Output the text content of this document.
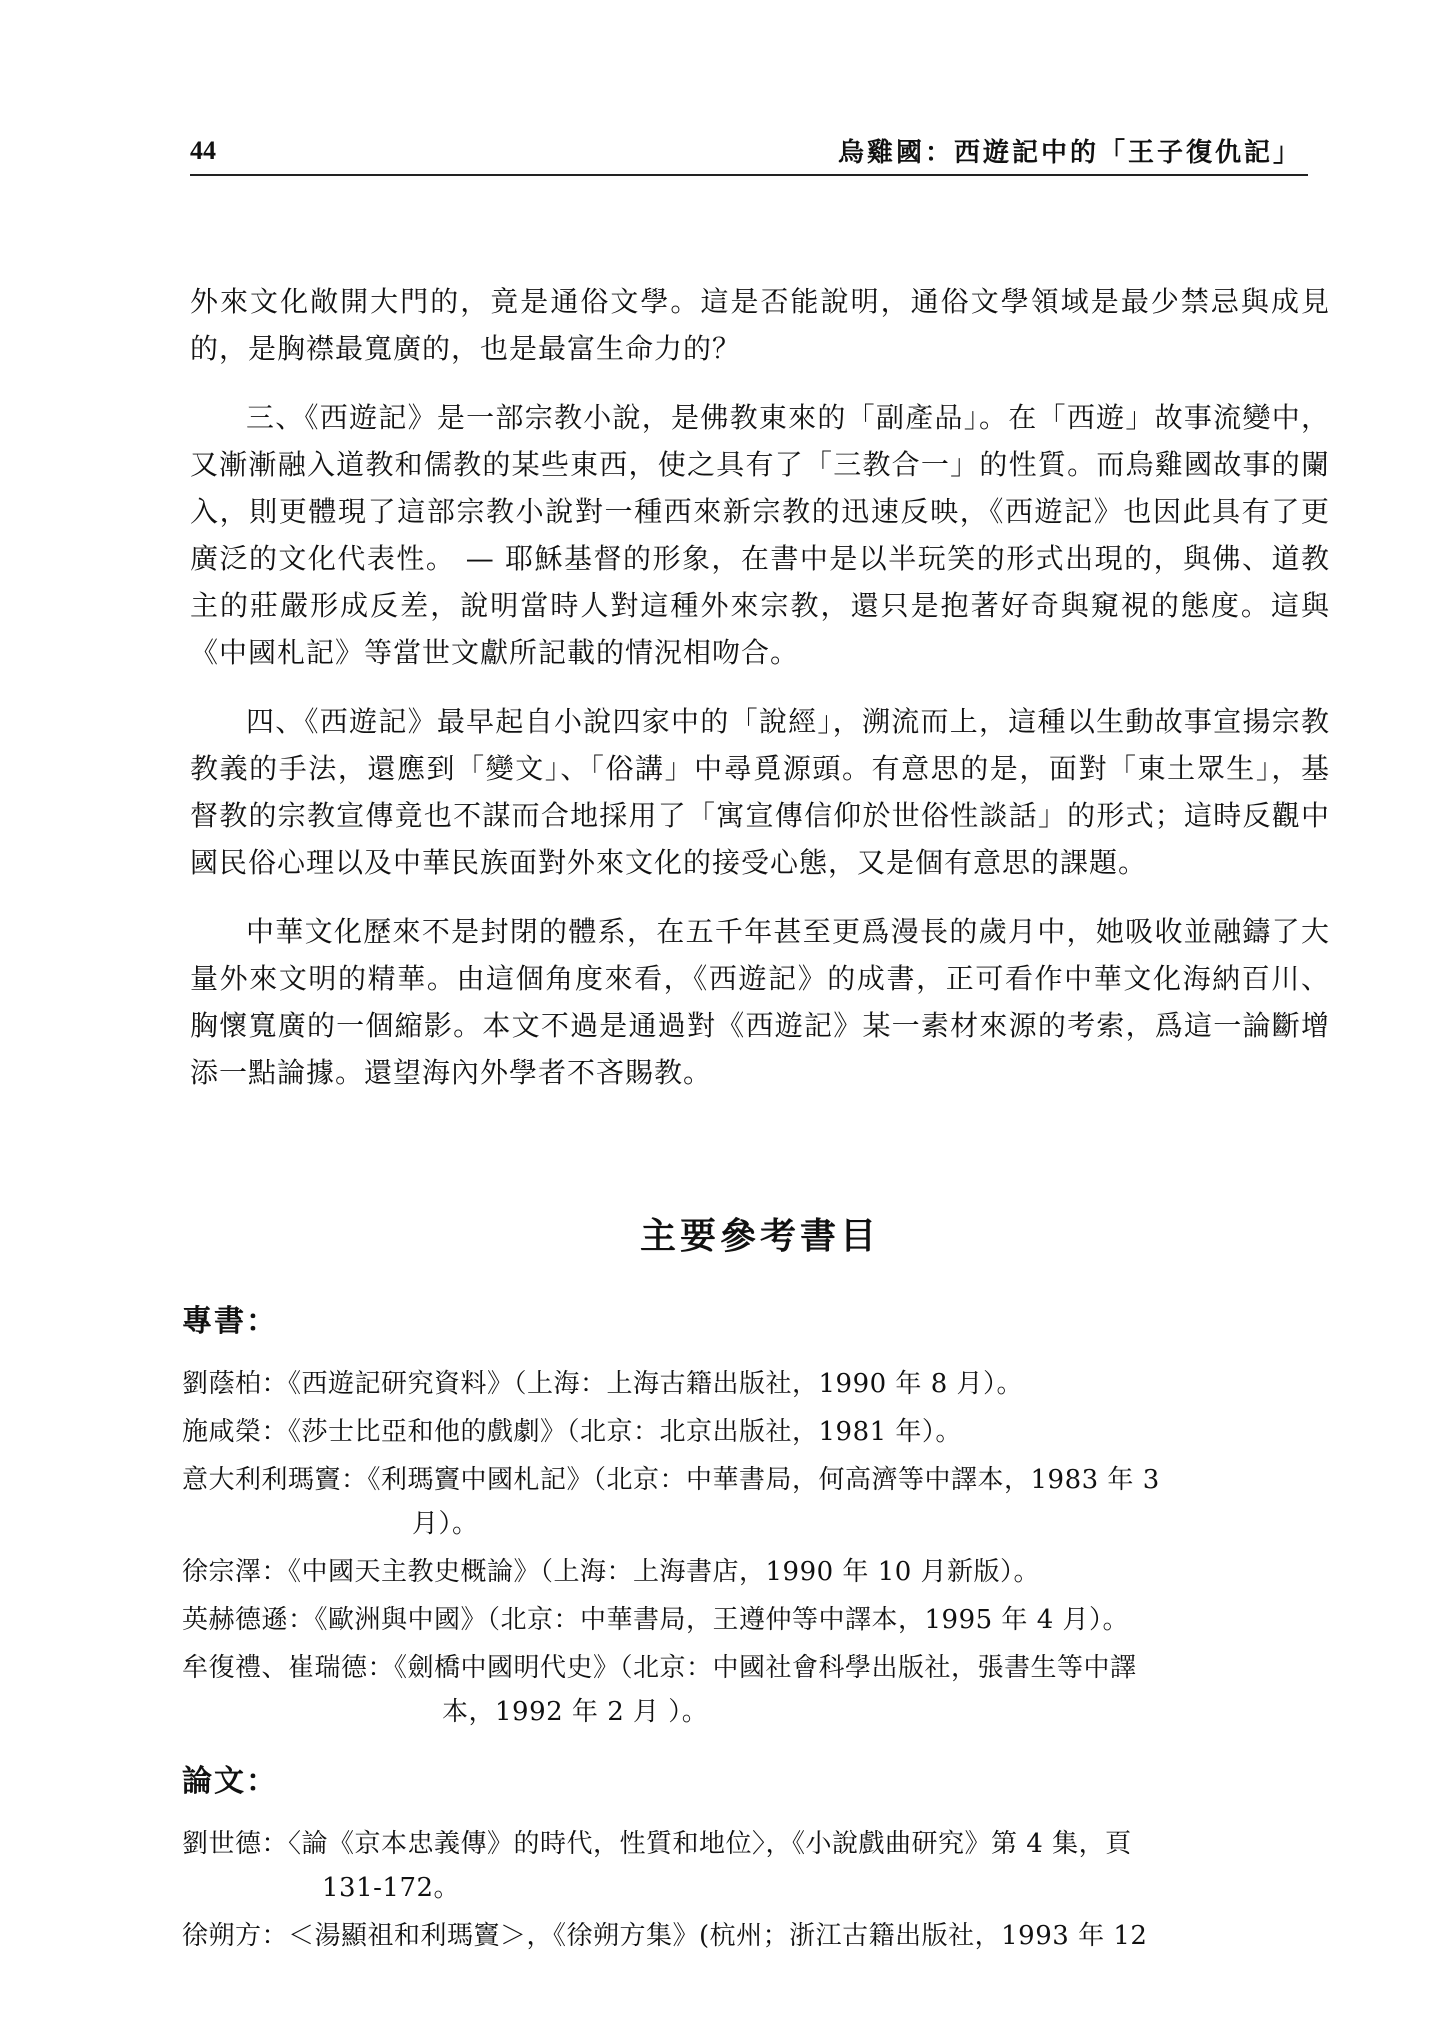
44	烏雞國：西遊記中的「王子復仇記」

外來文化敞開大門的，竟是通俗文學。這是否能說明，通俗文學領域是最少禁忌與成見的，是胸襟最寬廣的，也是最富生命力的？

三、《西遊記》是一部宗教小說，是佛教東來的「副產品」。在「西遊」故事流變中，又漸漸融入道教和儒教的某些東西，使之具有了「三教合一」的性質。而烏雞國故事的闌入，則更體現了這部宗教小說對一種西來新宗教的迅速反映，《西遊記》也因此具有了更廣泛的文化代表性。 — 耶穌基督的形象，在書中是以半玩笑的形式出現的，與佛、道教主的莊嚴形成反差，說明當時人對這種外來宗教，還只是抱著好奇與窺視的態度。這與《中國札記》等當世文獻所記載的情況相吻合。

四、《西遊記》最早起自小說四家中的「說經」，溯流而上，這種以生動故事宣揚宗教教義的手法，還應到「變文」、「俗講」中尋覓源頭。有意思的是，面對「東土眾生」，基督教的宗教宣傳竟也不謀而合地採用了「寓宣傳信仰於世俗性談話」的形式；這時反觀中國民俗心理以及中華民族面對外來文化的接受心態，又是個有意思的課題。

中華文化歷來不是封閉的體系，在五千年甚至更爲漫長的歲月中，她吸收並融鑄了大量外來文明的精華。由這個角度來看，《西遊記》的成書，正可看作中華文化海納百川、胸懷寬廣的一個縮影。本文不過是通過對《西遊記》某一素材來源的考索，爲這一論斷增添一點論據。還望海內外學者不吝賜教。

主要參考書目
專書：
劉蔭柏：《西遊記研究資料》（上海：上海古籍出版社，1990 年 8 月）。
施咸榮：《莎士比亞和他的戲劇》（北京：北京出版社，1981 年）。
意大利利瑪竇：《利瑪竇中國札記》（北京：中華書局，何高濟等中譯本，1983 年 3
月）。
徐宗澤：《中國天主教史概論》（上海：上海書店，1990 年 10 月新版）。
英赫德遜：《歐洲與中國》（北京：中華書局，王遵仲等中譯本，1995 年 4 月）。
牟復禮、崔瑞德：《劍橋中國明代史》（北京：中國社會科學出版社，張書生等中譯
本，1992 年 2 月 ）。
論文：
劉世德：〈論《京本忠義傳》的時代，性質和地位〉，《小說戲曲研究》第 4 集，頁
131-172。
徐朔方：＜湯顯祖和利瑪竇＞，《徐朔方集》(杭州；浙江古籍出版社，1993 年 12
